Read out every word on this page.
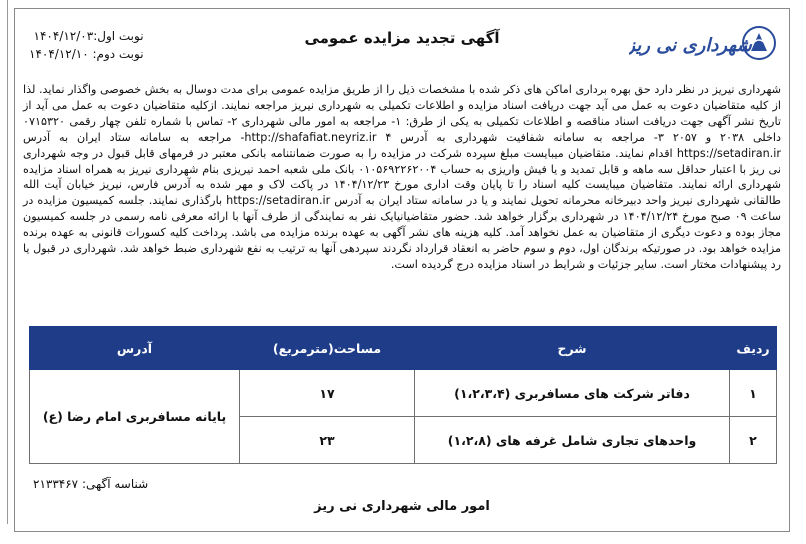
شهرداری نی ریز
آگهی تجدید مزایده عمومی
نوبت اول:۱۴۰۴/۱۲/۰۳
نوبت دوم: ۱۴۰۴/۱۲/۱۰
شهرداری نیریز در نظر دارد حق بهره برداری اماکن های ذکر شده با مشخصات ذیل را از طریق مزایده عمومی برای مدت دوسال به بخش خصوصی واگذار نماید. لذا از کلیه متقاضیان دعوت به عمل می آید جهت دریافت اسناد مزایده و اطلاعات تکمیلی به شهرداری نیریز مراجعه نمایند. ازکلیه متقاضیان دعوت به عمل می آید از تاریخ نشر آگهی جهت دریافت اسناد مناقصه و اطلاعات تکمیلی به یکی از طرق: ۱- مراجعه به امور مالی شهرداری ۲- تماس با شماره تلفن چهار رقمی ۰۷۱۵۳۲۰ داخلی ۲۰۳۸ و ۲۰۵۷ ۳- مراجعه به سامانه شفافیت شهرداری به آدرس http://shafafiat.neyriz.ir ۴- مراجعه به سامانه ستاد ایران به آدرس https://setadiran.ir اقدام نمایند. متقاضیان میبایست مبلغ سپرده شرکت در مزایده را به صورت ضمانتنامه بانکی معتبر در فرمهای قابل قبول در وجه شهرداری نی ریز با اعتبار حداقل سه ماهه و قابل تمدید و یا فیش واریزی به حساب ۰۱۰۵۶۹۲۲۶۲۰۰۴ بانک ملی شعبه احمد نیریزی بنام شهرداری نیریز به همراه اسناد مزایده شهرداری ارائه نمایند. متقاضیان میبایست کلیه اسناد را تا پایان وقت اداری مورخ ۱۴۰۴/۱۲/۲۳ در پاکت لاک و مهر شده به آدرس فارس، نیریز خیابان آیت الله طالقانی شهرداری نیریز واحد دبیرخانه محرمانه تحویل نمایند و یا در سامانه ستاد ایران به آدرس https://setadiran.ir بارگذاری نمایند. جلسه کمیسیون مزایده در ساعت ۰۹ صبح مورخ ۱۴۰۴/۱۲/۲۴ در شهرداری برگزار خواهد شد. حضور متقاضیانیایک نفر به نمایندگی از طرف آنها با ارائه معرفی نامه رسمی در جلسه کمیسیون مجاز بوده و دعوت دیگری از متقاضیان به عمل نخواهد آمد. کلیه هزینه های نشر آگهی به عهده برنده مزایده می باشد. پرداخت کلیه کسورات قانونی به عهده برنده مزایده خواهد بود. در صورتیکه برندگان اول، دوم و سوم حاضر به انعقاد قرارداد نگردند سپردهی آنها به ترتیب به نفع شهرداری ضبط خواهد شد. شهرداری در قبول یا رد پیشنهادات مختار است. سایر جزئیات و شرایط در اسناد مزایده درج گردیده است.
ردیف	شرح	مساحت(مترمربع)	آدرس
۱	دفاتر شرکت های مسافربری (۱،۲،۳،۴)	۱۷	پایانه مسافربری امام رضا (ع)
۲	واحدهای تجاری شامل غرفه های (۱،۲،۸)	۲۳	
شناسه آگهی: ۲۱۳۳۴۶۷
امور مالی شهرداری نی ریز
